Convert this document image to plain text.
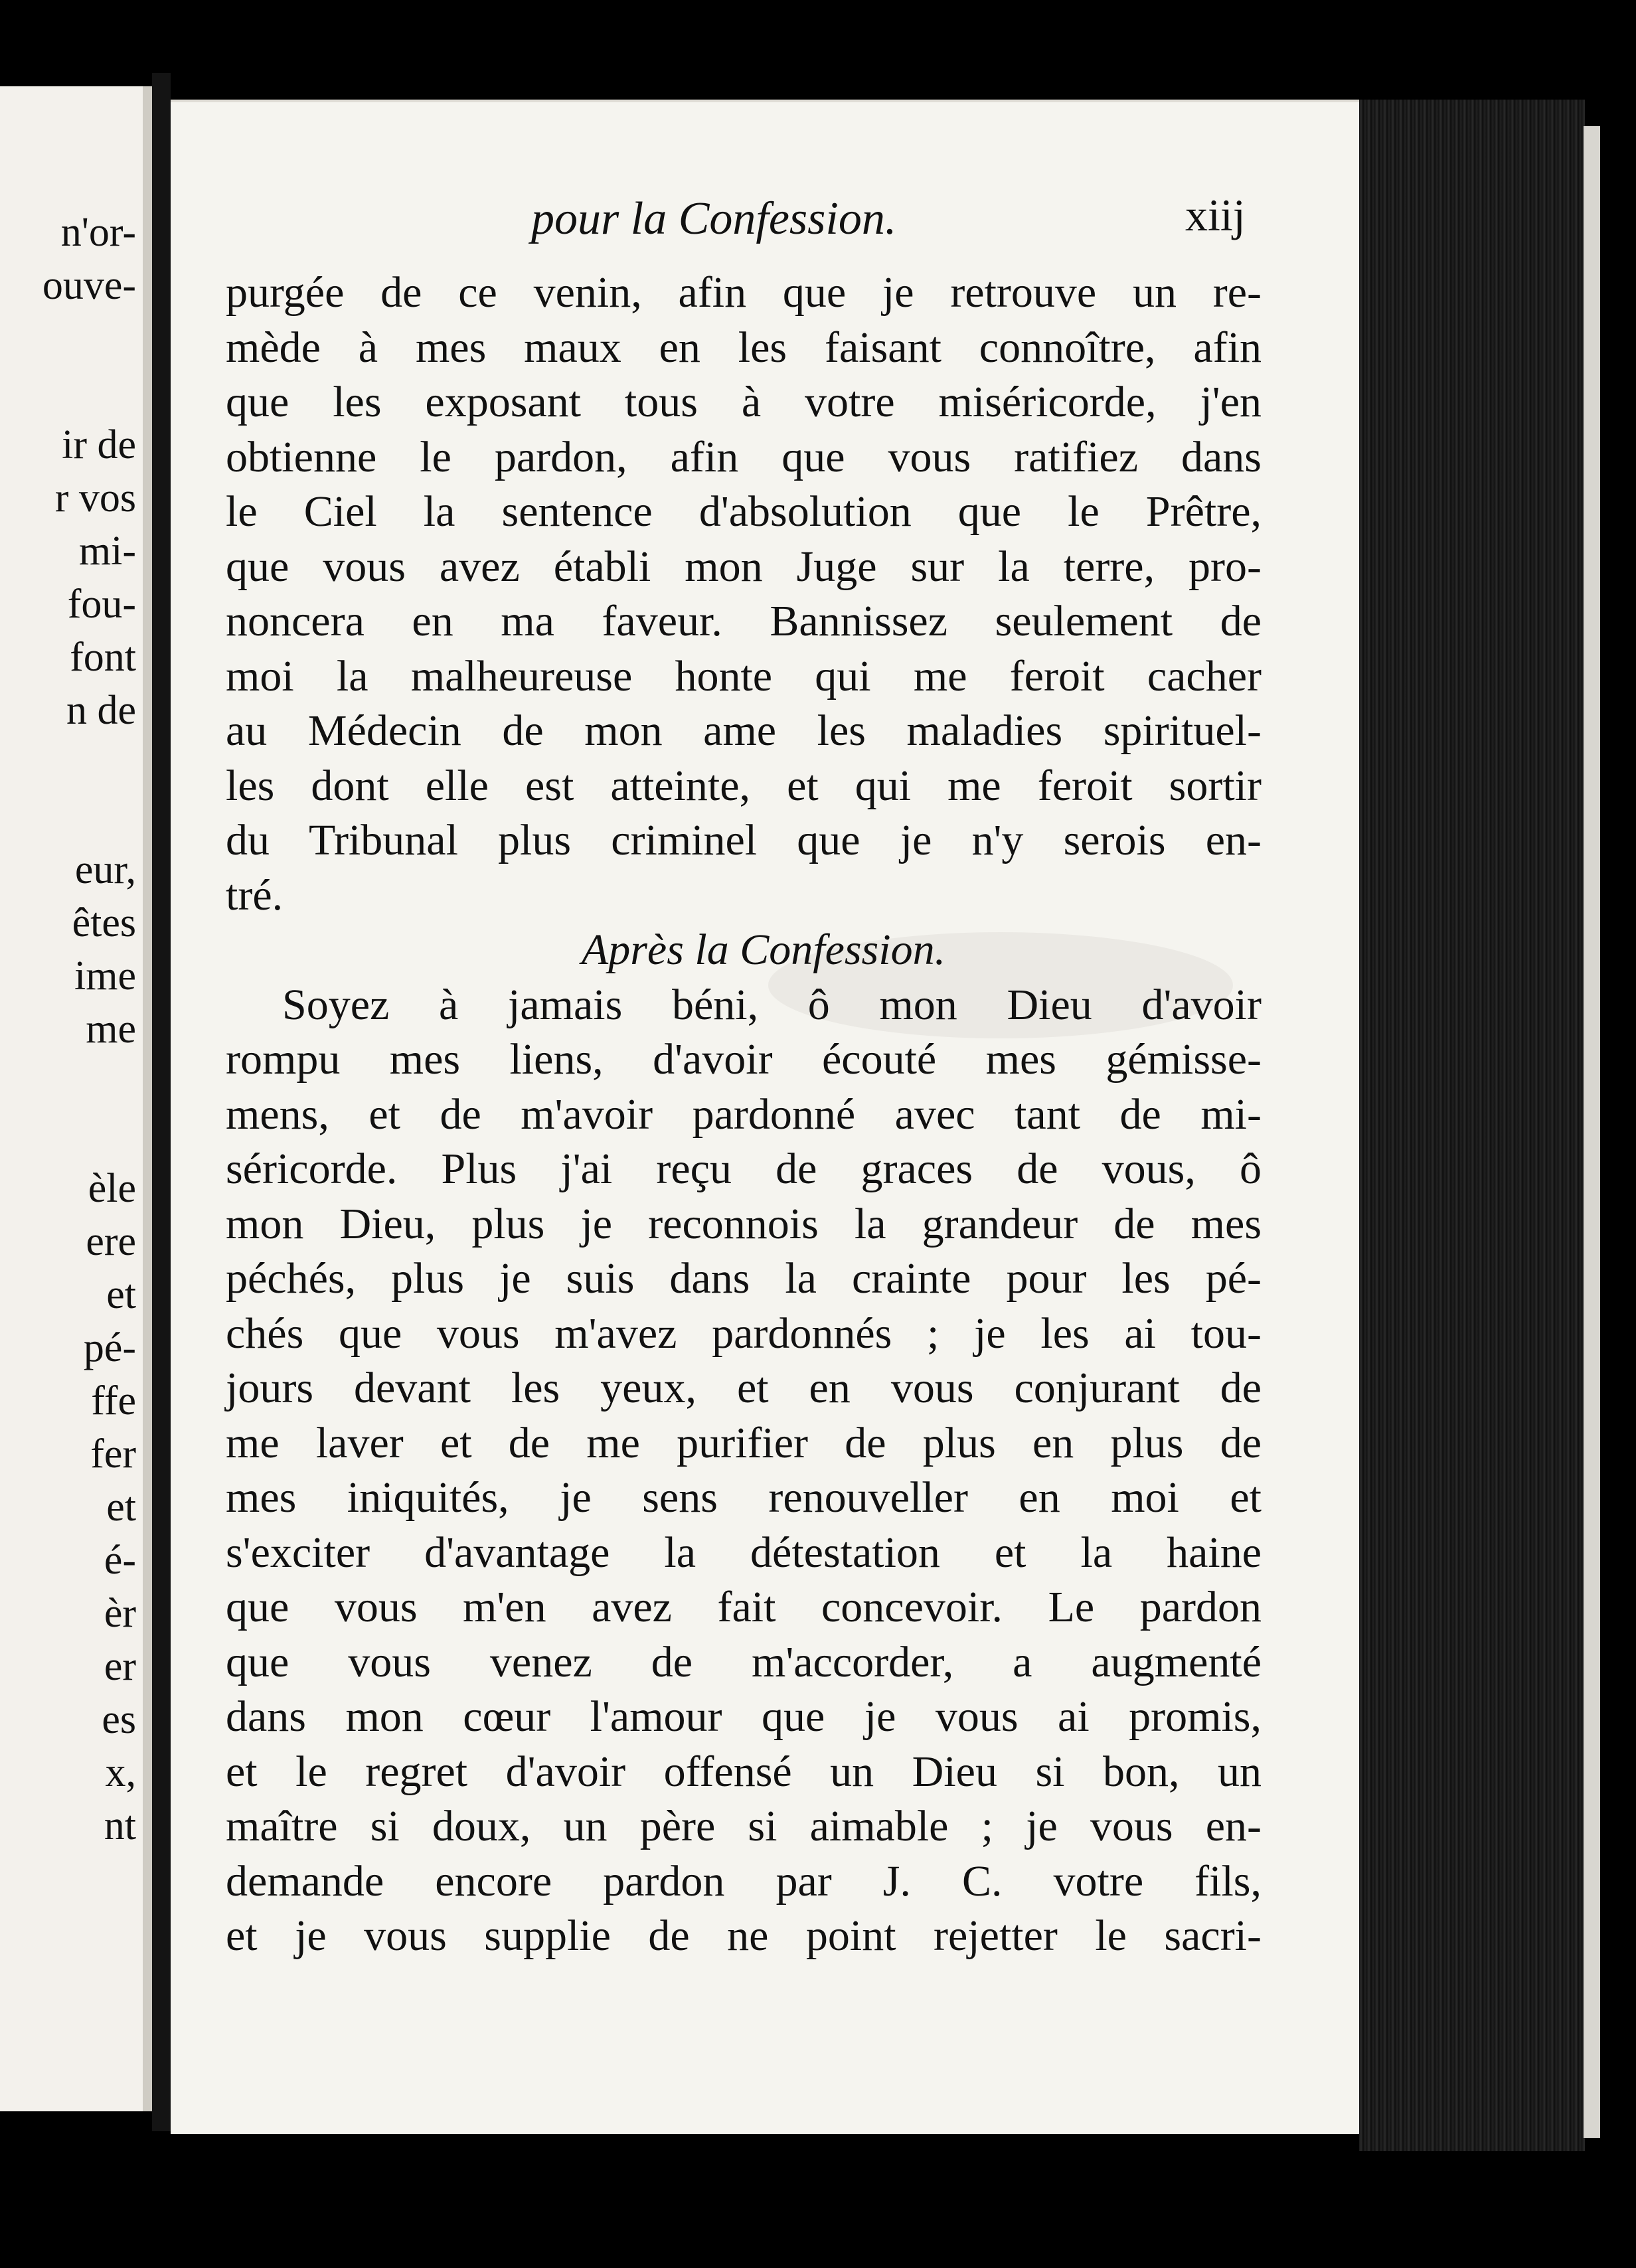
n'or-
ouve-
ir de
r vos
mi-
fou-
font
n de
eur,
êtes
ime
me
èle
ere
et
pé-
ffe
fer
et
é-
èr
er
es
x,
nt
pour la Confession.	xiij
purgée de ce venin, afin que je retrouve un re-
mède à mes maux en les faisant connoître, afin
que les exposant tous à votre miséricorde, j'en
obtienne le pardon, afin que vous ratifiez dans
le Ciel la sentence d'absolution que le Prêtre,
que vous avez établi mon Juge sur la terre, pro-
noncera en ma faveur. Bannissez seulement de
moi la malheureuse honte qui me feroit cacher
au Médecin de mon ame les maladies spirituel-
les dont elle est atteinte, et qui me feroit sortir
du Tribunal plus criminel que je n'y serois en-
tré.
Après la Confession.
Soyez à jamais béni, ô mon Dieu d'avoir
rompu mes liens, d'avoir écouté mes gémisse-
mens, et de m'avoir pardonné avec tant de mi-
séricorde. Plus j'ai reçu de graces de vous, ô
mon Dieu, plus je reconnois la grandeur de mes
péchés, plus je suis dans la crainte pour les pé-
chés que vous m'avez pardonnés ; je les ai tou-
jours devant les yeux, et en vous conjurant de
me laver et de me purifier de plus en plus de
mes iniquités, je sens renouveller en moi et
s'exciter d'avantage la détestation et la haine
que vous m'en avez fait concevoir. Le pardon
que vous venez de m'accorder, a augmenté
dans mon cœur l'amour que je vous ai promis,
et le regret d'avoir offensé un Dieu si bon, un
maître si doux, un père si aimable ; je vous en-
demande encore pardon par J. C. votre fils,
et je vous supplie de ne point rejetter le sacri-
